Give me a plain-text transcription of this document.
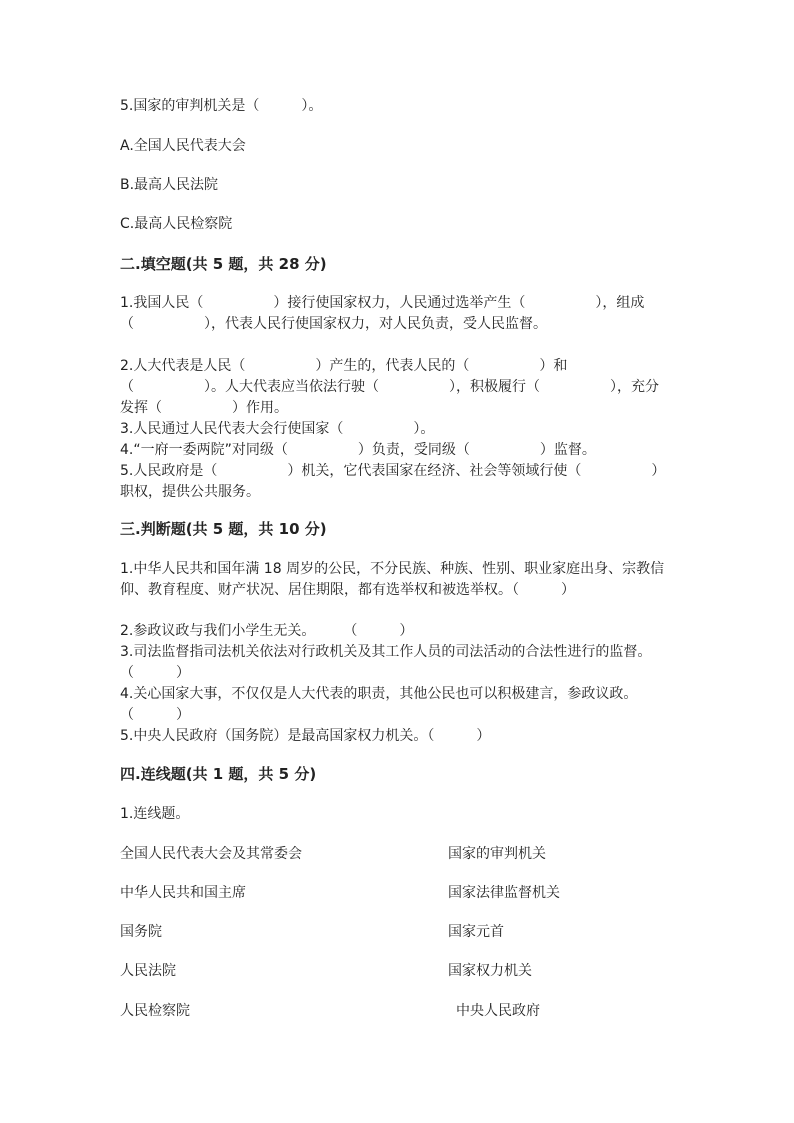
5.国家的审判机关是（　　　）。
A.全国人民代表大会
B.最高人民法院
C.最高人民检察院
二.填空题(共 5 题，共 28 分)
1.我国人民（　　　　　）接行使国家权力，人民通过选举产生（　　　　　），组成（　　　　　），代表人民行使国家权力，对人民负责，受人民监督。
2.人大代表是人民（　　　　　）产生的，代表人民的（　　　　　）和（　　　　　）。人大代表应当依法行驶（　　　　　），积极履行（　　　　　），充分发挥（　　　　　）作用。
3.人民通过人民代表大会行使国家（　　　　　）。
4.“一府一委两院”对同级（　　　　　）负责，受同级（　　　　　）监督。
5.人民政府是（　　　　　）机关，它代表国家在经济、社会等领域行使（　　　　　）职权，提供公共服务。
三.判断题(共 5 题，共 10 分)
1.中华人民共和国年满 18 周岁的公民，不分民族、种族、性别、职业家庭出身、宗教信仰、教育程度、财产状况、居住期限，都有选举权和被选举权。（　　　）
2.参政议政与我们小学生无关。　　　（　　　）
3.司法监督指司法机关依法对行政机关及其工作人员的司法活动的合法性进行的监督。（　　　）
4.关心国家大事，不仅仅是人大代表的职责，其他公民也可以积极建言，参政议政。（　　　）
5.中央人民政府（国务院）是最高国家权力机关。（　　　）
四.连线题(共 1 题，共 5 分)
1.连线题。
全国人民代表大会及其常委会	国家的审判机关
中华人民共和国主席	国家法律监督机关
国务院	国家元首
人民法院	国家权力机关
人民检察院	中央人民政府
